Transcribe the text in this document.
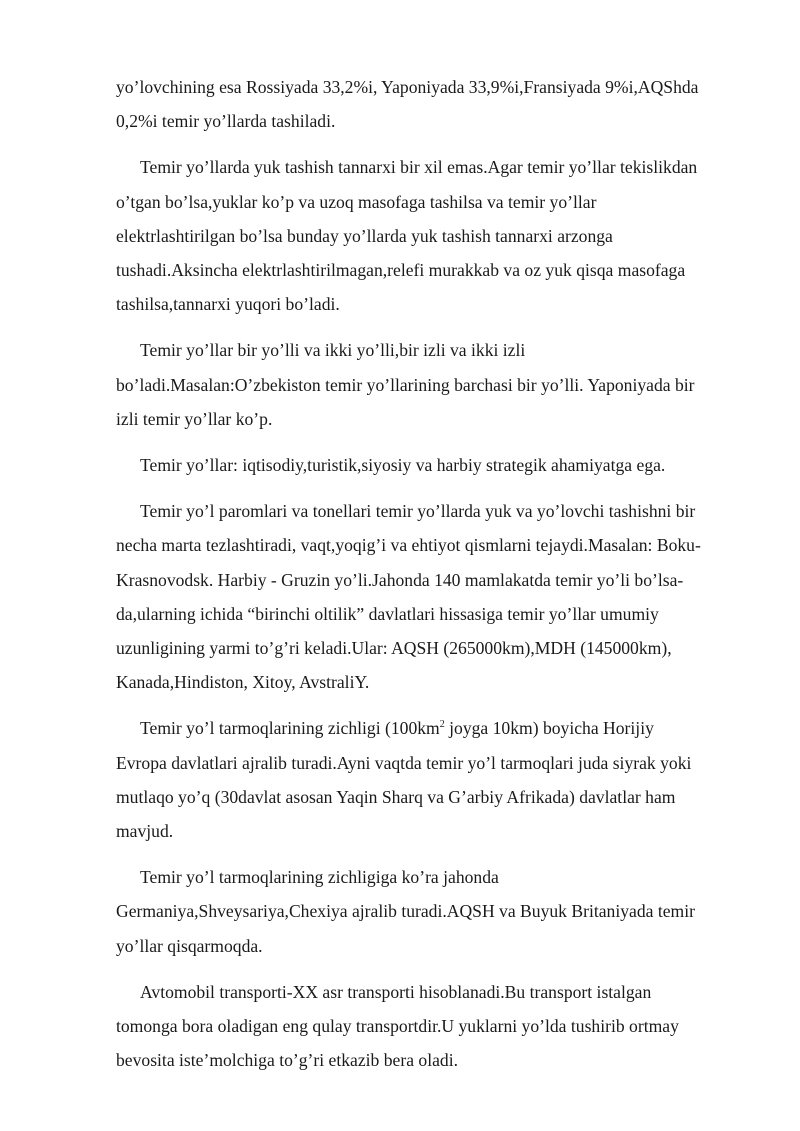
yo’lovchining esa Rossiyada 33,2%i, Yaponiyada 33,9%i,Fransiyada 9%i,AQShda
0,2%i temir yo’llarda tashiladi.

Temir yo’llarda yuk tashish tannarxi bir xil emas.Agar temir yo’llar tekislikdan
o’tgan bo’lsa,yuklar ko’p va uzoq masofaga tashilsa va temir yo’llar
elektrlashtirilgan bo’lsa bunday yo’llarda yuk tashish tannarxi arzonga
tushadi.Aksincha elektrlashtirilmagan,relefi murakkab va oz yuk qisqa masofaga
tashilsa,tannarxi yuqori bo’ladi.

Temir yo’llar bir yo’lli va ikki yo’lli,bir izli va ikki izli
bo’ladi.Masalan:O’zbekiston temir yo’llarining barchasi bir yo’lli. Yaponiyada bir
izli temir yo’llar ko’p.

Temir yo’llar: iqtisodiy,turistik,siyosiy va harbiy strategik ahamiyatga ega.

Temir yo’l paromlari va tonellari temir yo’llarda yuk va yo’lovchi tashishni bir
necha marta tezlashtiradi, vaqt,yoqig’i va ehtiyot qismlarni tejaydi.Masalan: Boku-
Krasnovodsk. Harbiy - Gruzin yo’li.Jahonda 140 mamlakatda temir yo’li bo’lsa-
da,ularning ichida “birinchi oltilik” davlatlari hissasiga temir yo’llar umumiy
uzunligining yarmi to’g’ri keladi.Ular: AQSH (265000km),MDH (145000km),
Kanada,Hindiston, Xitoy, AvstraliY.

Temir yo’l tarmoqlarining zichligi ($100km^2$ joyga 10km) boyicha Horijiy
Evropa davlatlari ajralib turadi.Ayni vaqtda temir yo’l tarmoqlari juda siyrak yoki
mutlaqo yo’q (30davlat asosan Yaqin Sharq va G’arbiy Afrikada) davlatlar ham
mavjud.

Temir yo’l tarmoqlarining zichligiga ko’ra jahonda
Germaniya,Shveysariya,Chexiya ajralib turadi.AQSH va Buyuk Britaniyada temir
yo’llar qisqarmoqda.

Avtomobil transporti-XX asr transporti hisoblanadi.Bu transport istalgan
tomonga bora oladigan eng qulay transportdir.U yuklarni yo’lda tushirib ortmay
bevosita iste’molchiga to’g’ri etkazib bera oladi.
